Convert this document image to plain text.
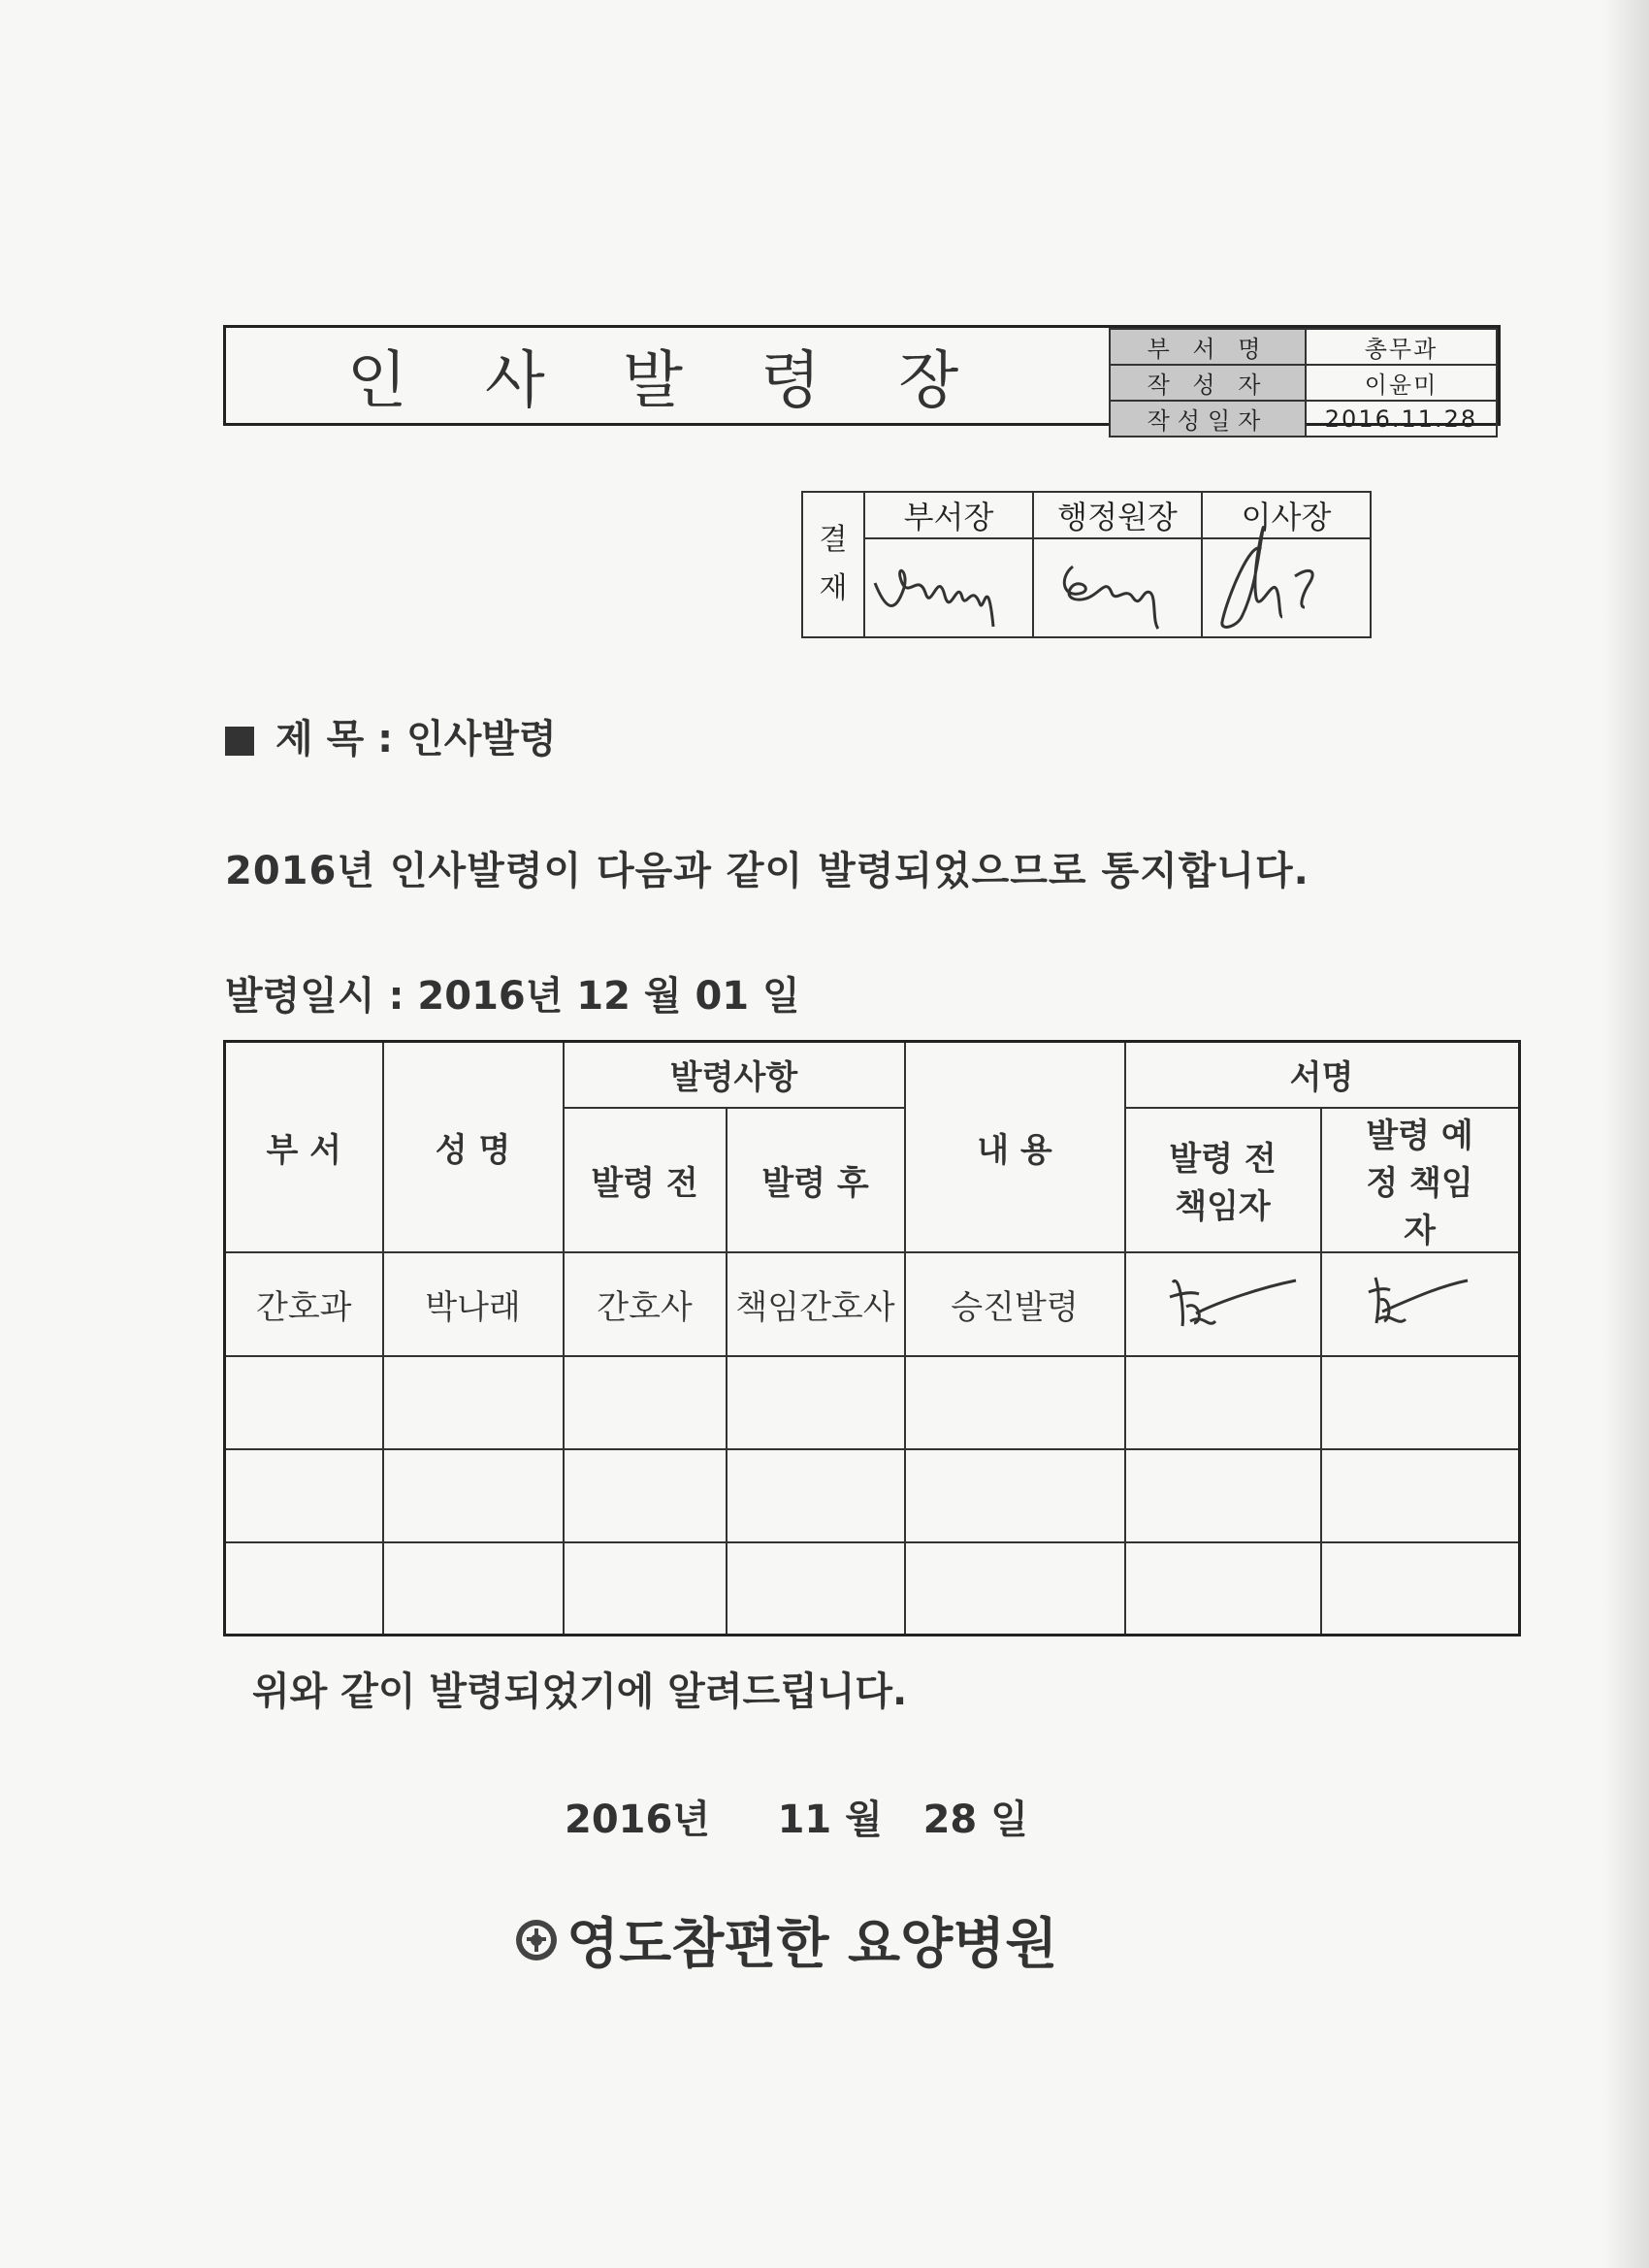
인 사 발 령 장	부 서 명	총무과
작 성 자	이윤미
작성일자	2016.11.28
결
재	부서장	행정원장	이사장

제 목 : 인사발령
2016년 인사발령이 다음과 같이 발령되었으므로 통지합니다.
발령일시 : 2016년 12 월 01 일
부 서	성 명	발령사항		내 용	서명	
		발령 전	발령 후		발령 전 책임자	발령 예정 책임자
간호과	박나래	간호사	책임간호사	승진발령		

위와 같이 발령되었기에 알려드립니다.
2016년     11 월   28 일
영도참편한 요양병원
